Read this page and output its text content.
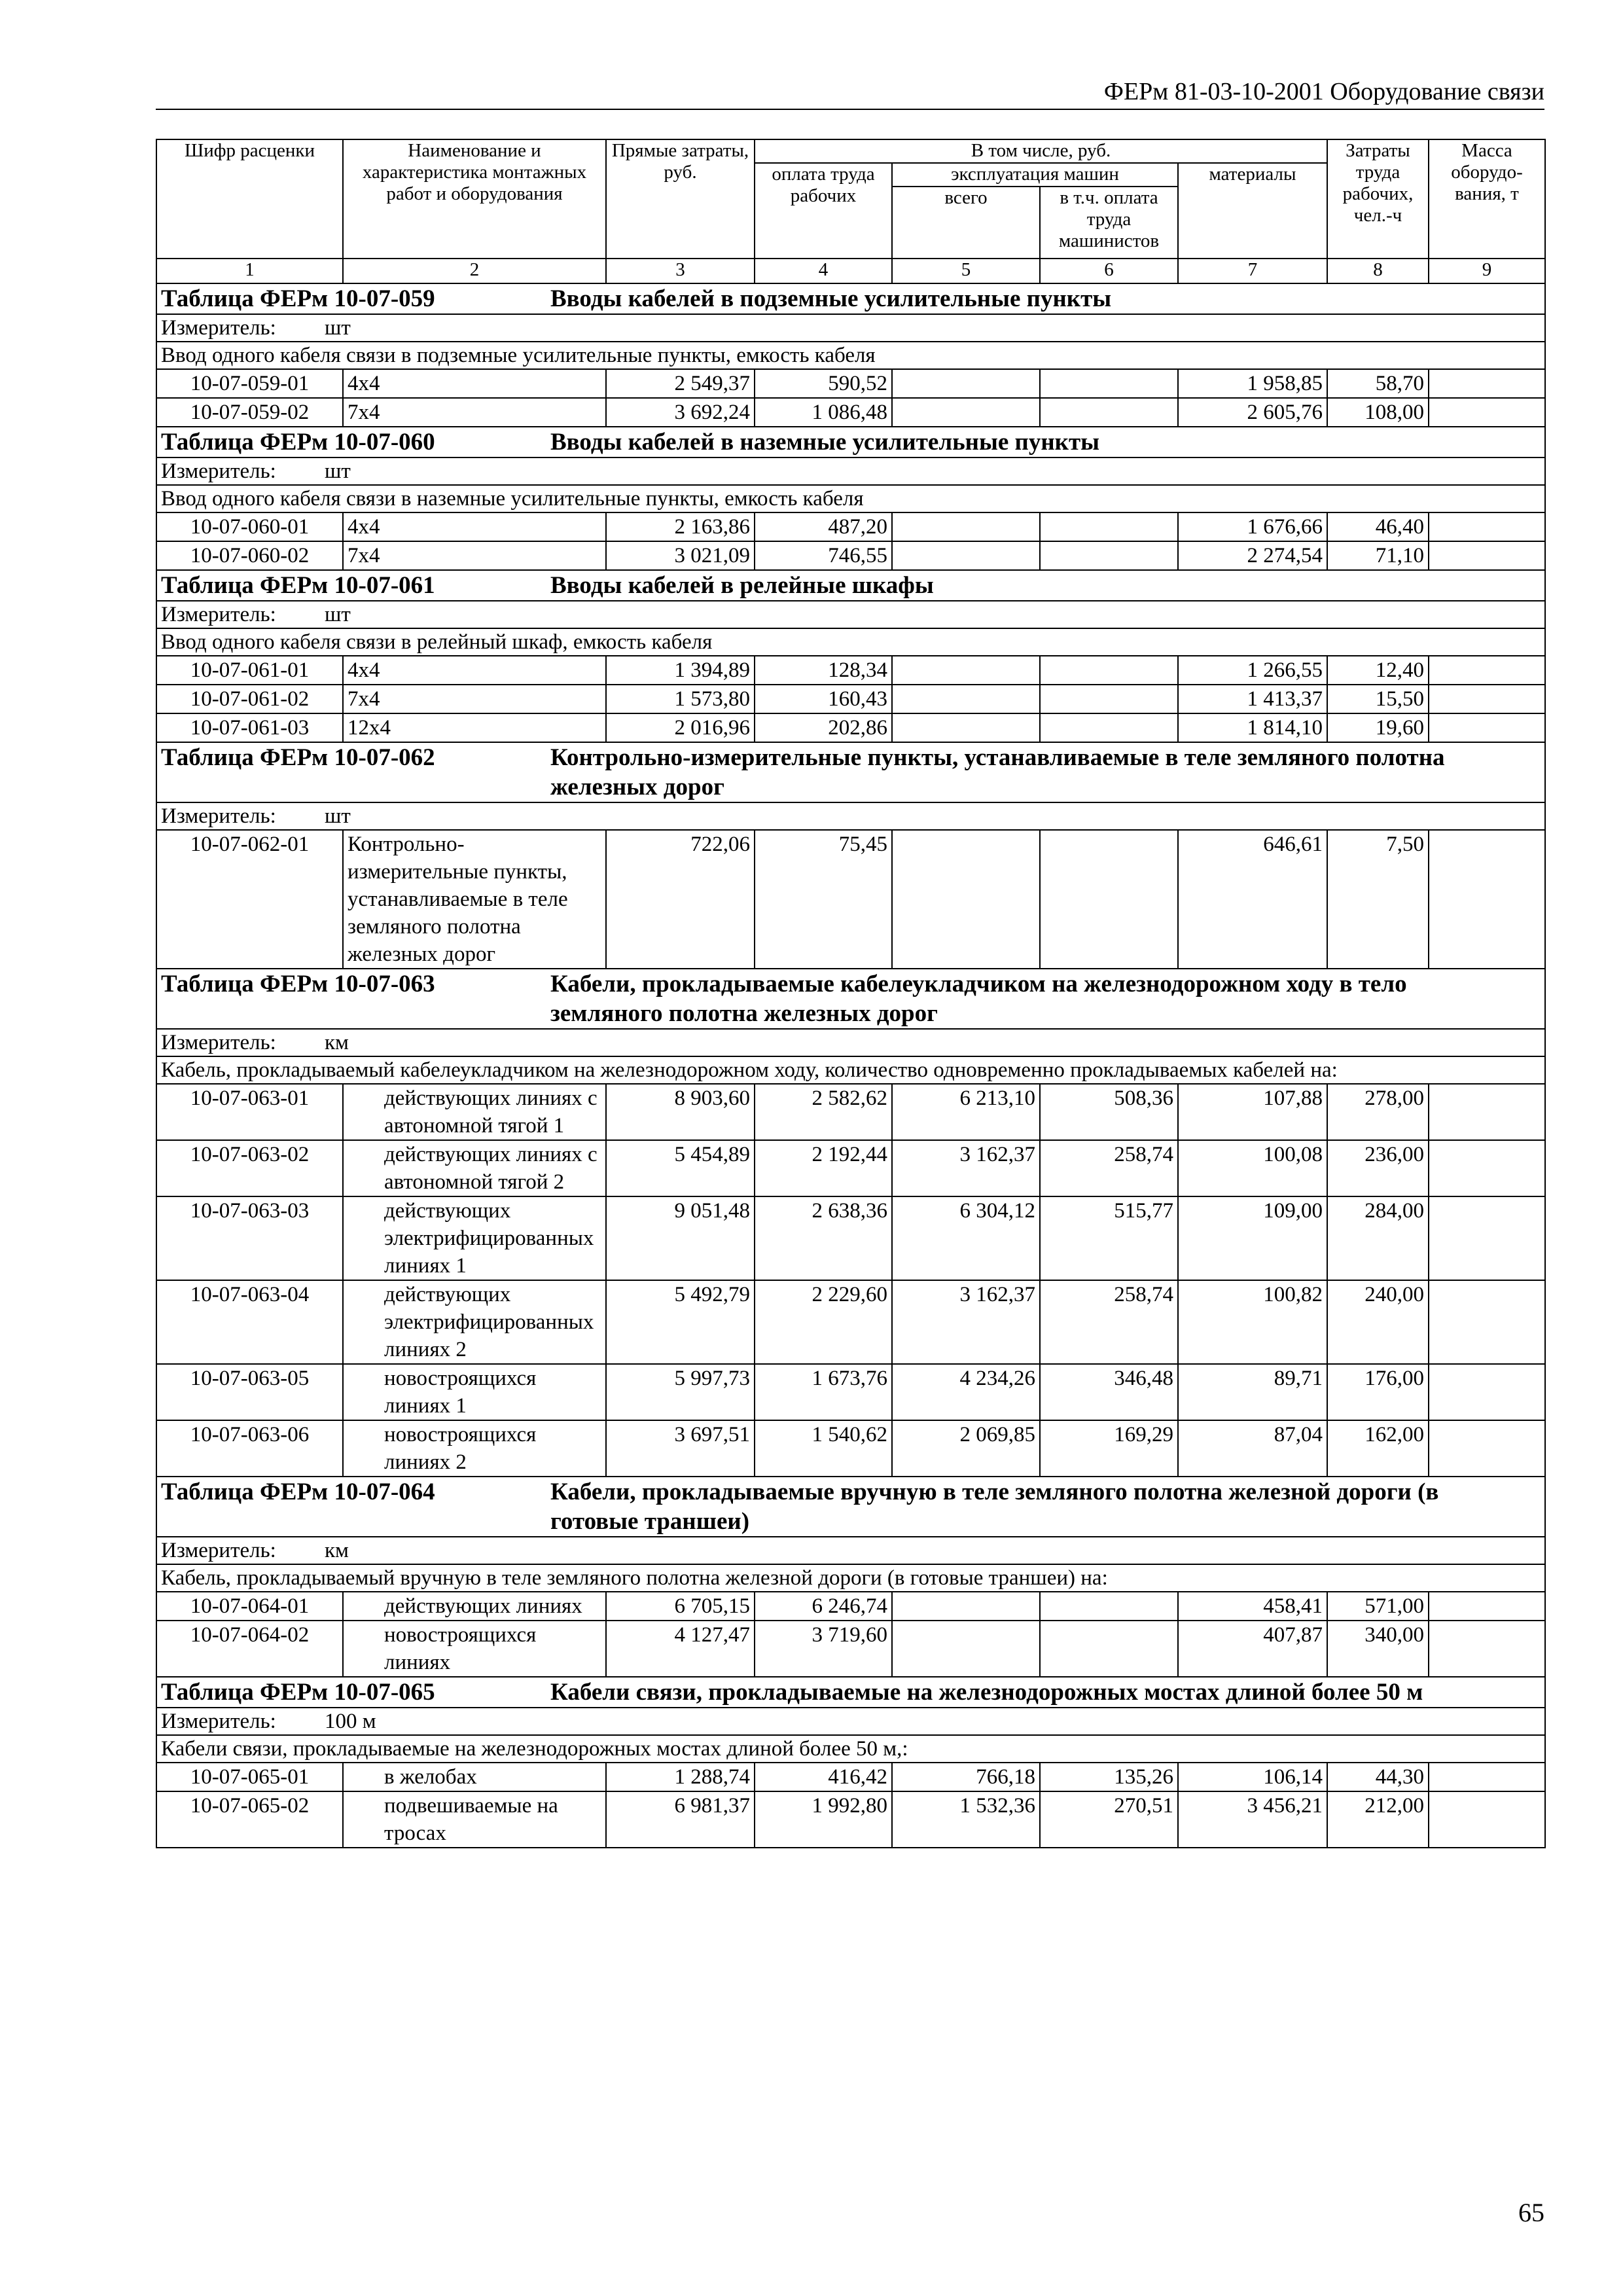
ФЕРм 81-03-10-2001 Оборудование связи
Шифр расценки	Наименование и характеристика монтажных работ и оборудования	Прямые затраты, руб.	В том числе, руб.				Затраты труда рабочих, чел.-ч	Масса оборудо-вания, т
			оплата труда рабочих	эксплуатация машин		материалы		
				всего	в т.ч. оплата труда машинистов			
1	2	3	4	5	6	7	8	9
Таблица ФЕРм 10-07-059 Вводы кабелей в подземные усилительные пункты								
Измеритель: шт								
Ввод одного кабеля связи в подземные усилительные пункты, емкость кабеля								
10-07-059-01	4x4	2 549,37	590,52			1 958,85	58,70	
10-07-059-02	7x4	3 692,24	1 086,48			2 605,76	108,00	
Таблица ФЕРм 10-07-060 Вводы кабелей в наземные усилительные пункты								
Измеритель: шт								
Ввод одного кабеля связи в наземные усилительные пункты, емкость кабеля								
10-07-060-01	4x4	2 163,86	487,20			1 676,66	46,40	
10-07-060-02	7x4	3 021,09	746,55			2 274,54	71,10	
Таблица ФЕРм 10-07-061 Вводы кабелей в релейные шкафы								
Измеритель: шт								
Ввод одного кабеля связи в релейный шкаф, емкость кабеля								
10-07-061-01	4x4	1 394,89	128,34			1 266,55	12,40	
10-07-061-02	7x4	1 573,80	160,43			1 413,37	15,50	
10-07-061-03	12x4	2 016,96	202,86			1 814,10	19,60	
Таблица ФЕРм 10-07-062 Контрольно-измерительные пункты, устанавливаемые в теле земляного полотна железных дорог								
Измеритель: шт								
10-07-062-01	Контрольно-измерительные пункты, устанавливаемые в теле земляного полотна железных дорог	722,06	75,45			646,61	7,50	
Таблица ФЕРм 10-07-063 Кабели, прокладываемые кабелеукладчиком на железнодорожном ходу в тело земляного полотна железных дорог								
Измеритель: км								
Кабель, прокладываемый кабелеукладчиком на железнодорожном ходу, количество одновременно прокладываемых кабелей на:								
10-07-063-01	действующих линиях с автономной тягой 1	8 903,60	2 582,62	6 213,10	508,36	107,88	278,00	
10-07-063-02	действующих линиях с автономной тягой 2	5 454,89	2 192,44	3 162,37	258,74	100,08	236,00	
10-07-063-03	действующих электрифицированных линиях 1	9 051,48	2 638,36	6 304,12	515,77	109,00	284,00	
10-07-063-04	действующих электрифицированных линиях 2	5 492,79	2 229,60	3 162,37	258,74	100,82	240,00	
10-07-063-05	новостроящихся линиях 1	5 997,73	1 673,76	4 234,26	346,48	89,71	176,00	
10-07-063-06	новостроящихся линиях 2	3 697,51	1 540,62	2 069,85	169,29	87,04	162,00	
Таблица ФЕРм 10-07-064 Кабели, прокладываемые вручную в теле земляного полотна железной дороги (в готовые траншеи)								
Измеритель: км								
Кабель, прокладываемый вручную в теле земляного полотна железной дороги (в готовые траншеи) на:								
10-07-064-01	действующих линиях	6 705,15	6 246,74			458,41	571,00	
10-07-064-02	новостроящихся линиях	4 127,47	3 719,60			407,87	340,00	
Таблица ФЕРм 10-07-065 Кабели связи, прокладываемые на железнодорожных мостах длиной более 50 м								
Измеритель: 100 м								
Кабели связи, прокладываемые на железнодорожных мостах длиной более 50 м,:								
10-07-065-01	в желобах	1 288,74	416,42	766,18	135,26	106,14	44,30	
10-07-065-02	подвешиваемые на тросах	6 981,37	1 992,80	1 532,36	270,51	3 456,21	212,00	
65
